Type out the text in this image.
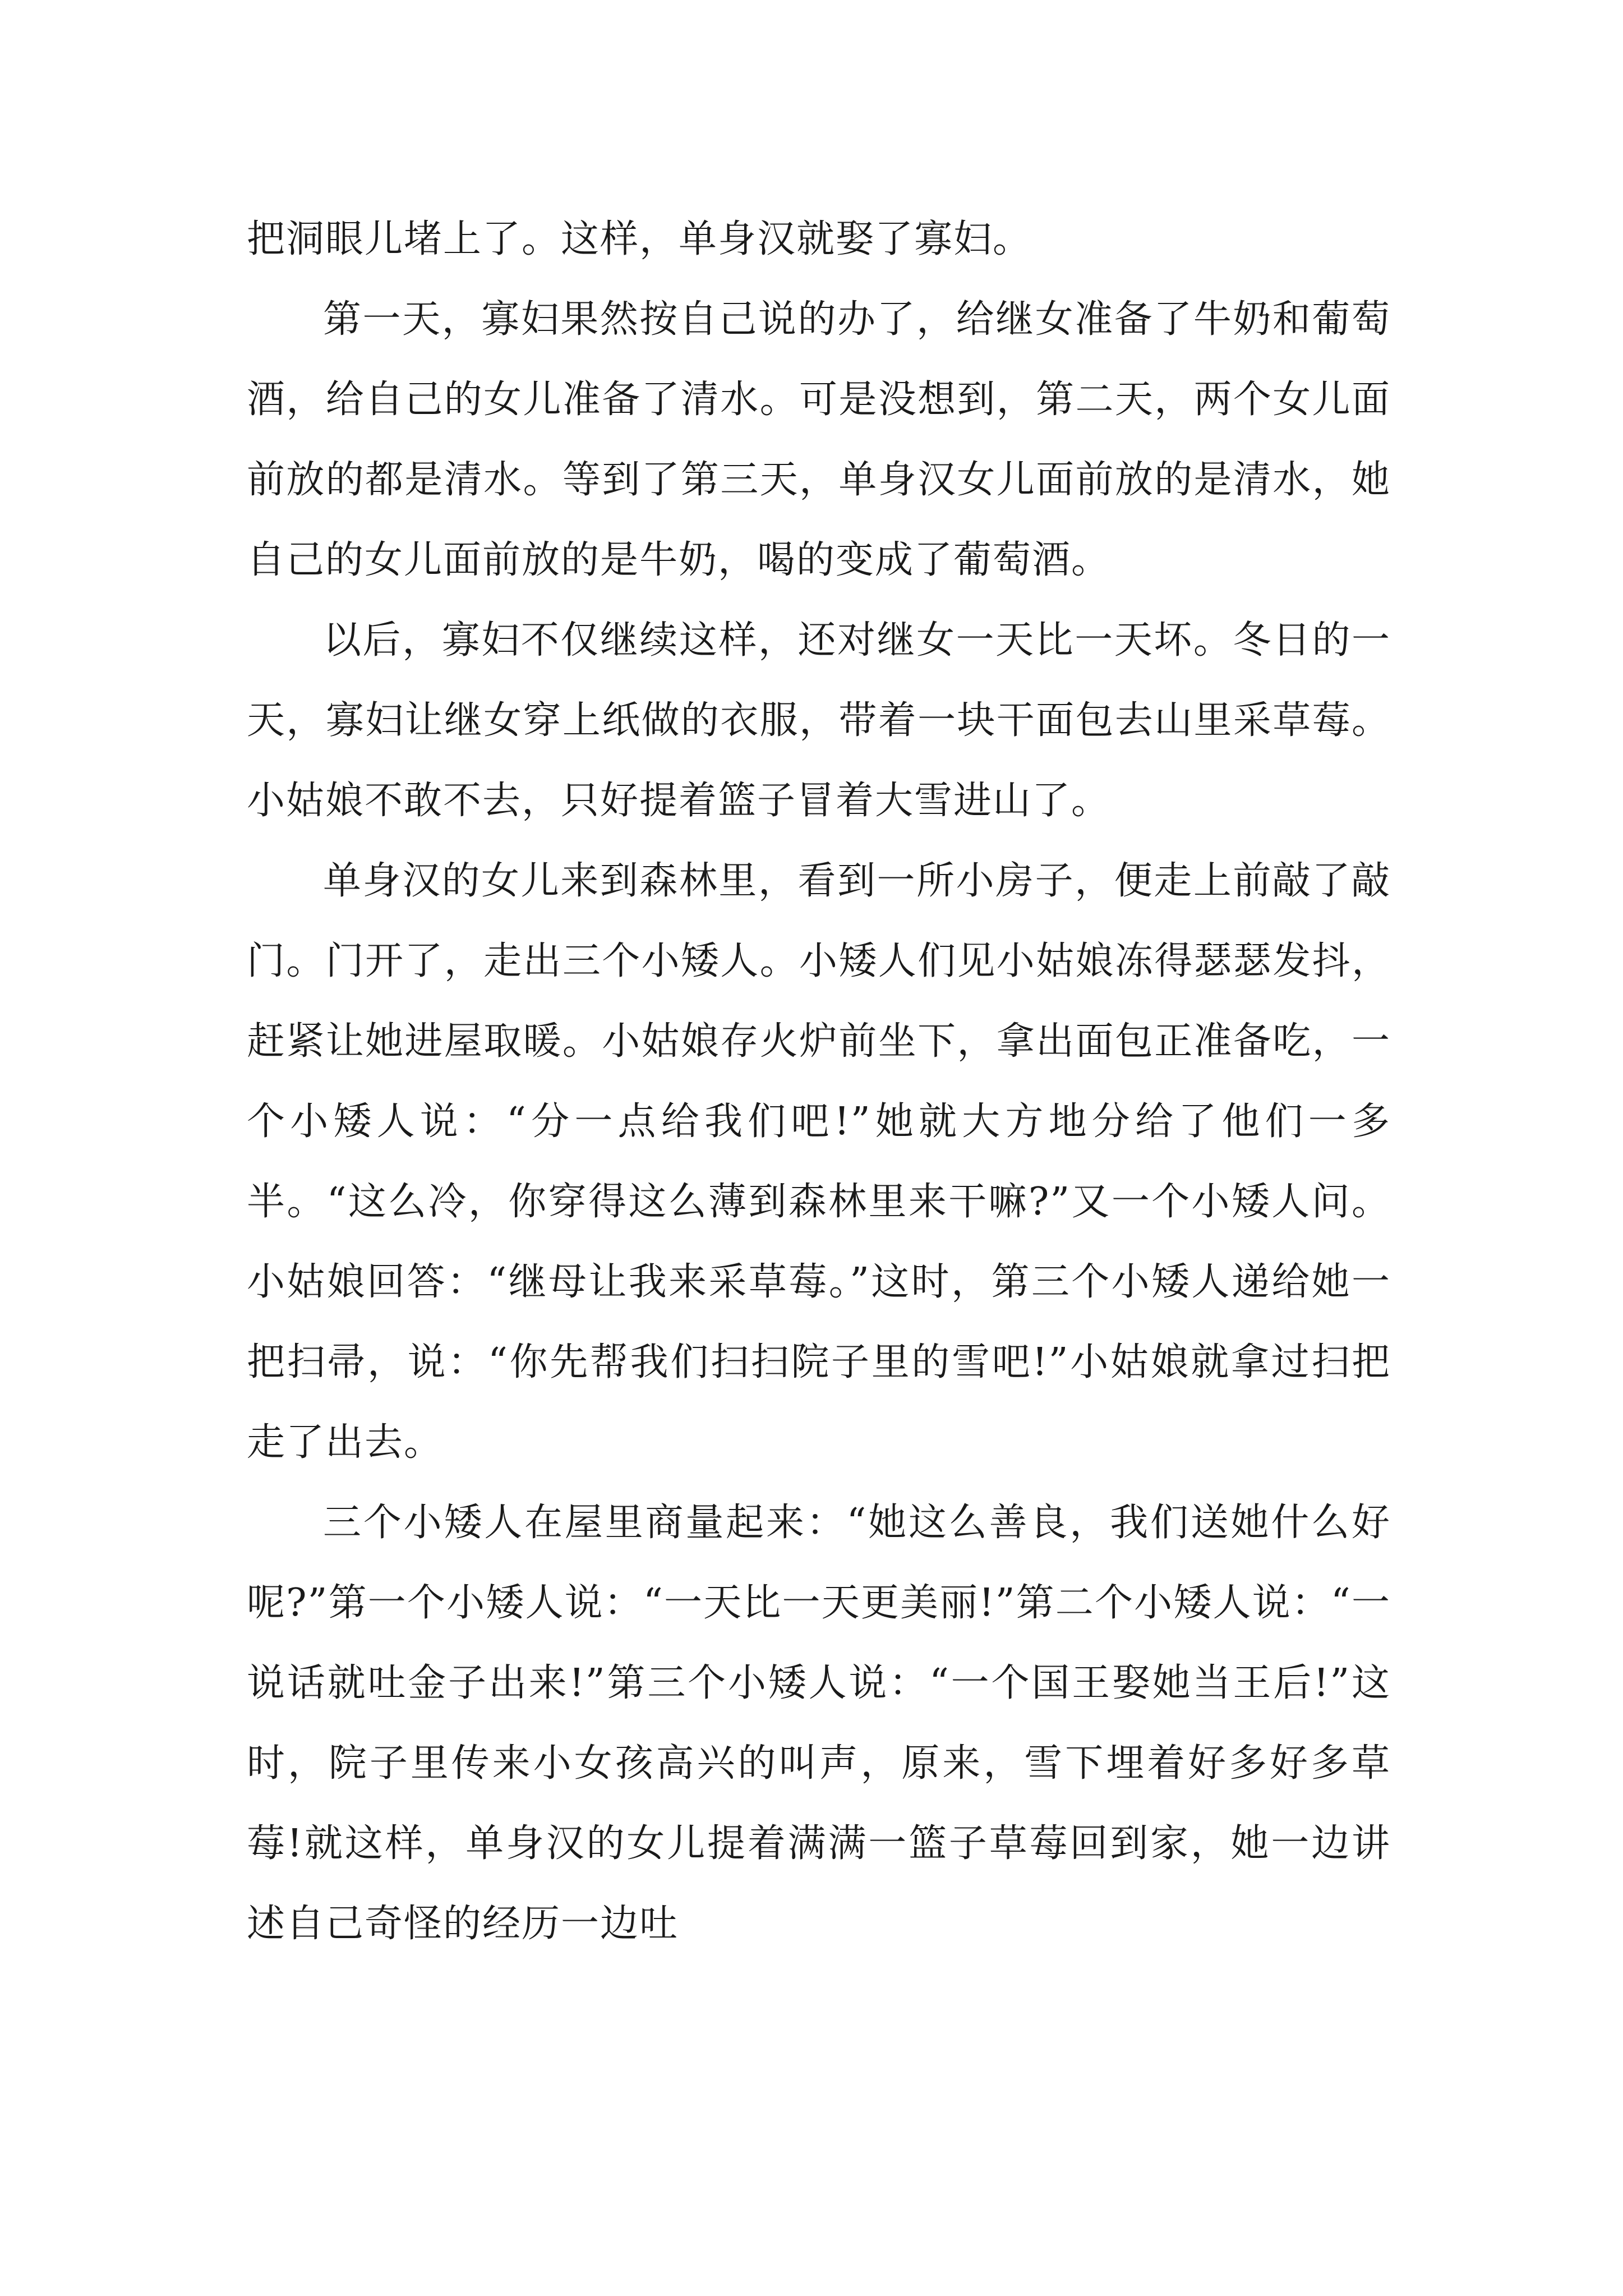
把洞眼儿堵上了。这样，单身汉就娶了寡妇。

第一天，寡妇果然按自己说的办了，给继女准备了牛奶和葡萄酒，给自己的女儿准备了清水。可是没想到，第二天，两个女儿面前放的都是清水。等到了第三天，单身汉女儿面前放的是清水，她自己的女儿面前放的是牛奶，喝的变成了葡萄酒。

以后，寡妇不仅继续这样，还对继女一天比一天坏。冬日的一天，寡妇让继女穿上纸做的衣服，带着一块干面包去山里采草莓。小姑娘不敢不去，只好提着篮子冒着大雪进山了。

单身汉的女儿来到森林里，看到一所小房子，便走上前敲了敲门。门开了，走出三个小矮人。小矮人们见小姑娘冻得瑟瑟发抖，赶紧让她进屋取暖。小姑娘存火炉前坐下，拿出面包正准备吃，一个小矮人说：“分一点给我们吧!”她就大方地分给了他们一多半。“这么冷，你穿得这么薄到森林里来干嘛?”又一个小矮人问。小姑娘回答：“继母让我来采草莓。”这时，第三个小矮人递给她一把扫帚，说：“你先帮我们扫扫院子里的雪吧!”小姑娘就拿过扫把走了出去。

三个小矮人在屋里商量起来：“她这么善良，我们送她什么好呢?”第一个小矮人说：“一天比一天更美丽!”第二个小矮人说：“一说话就吐金子出来!”第三个小矮人说：“一个国王娶她当王后!”这时，院子里传来小女孩高兴的叫声，原来，雪下埋着好多好多草莓!就这样，单身汉的女儿提着满满一篮子草莓回到家，她一边讲述自己奇怪的经历一边吐
